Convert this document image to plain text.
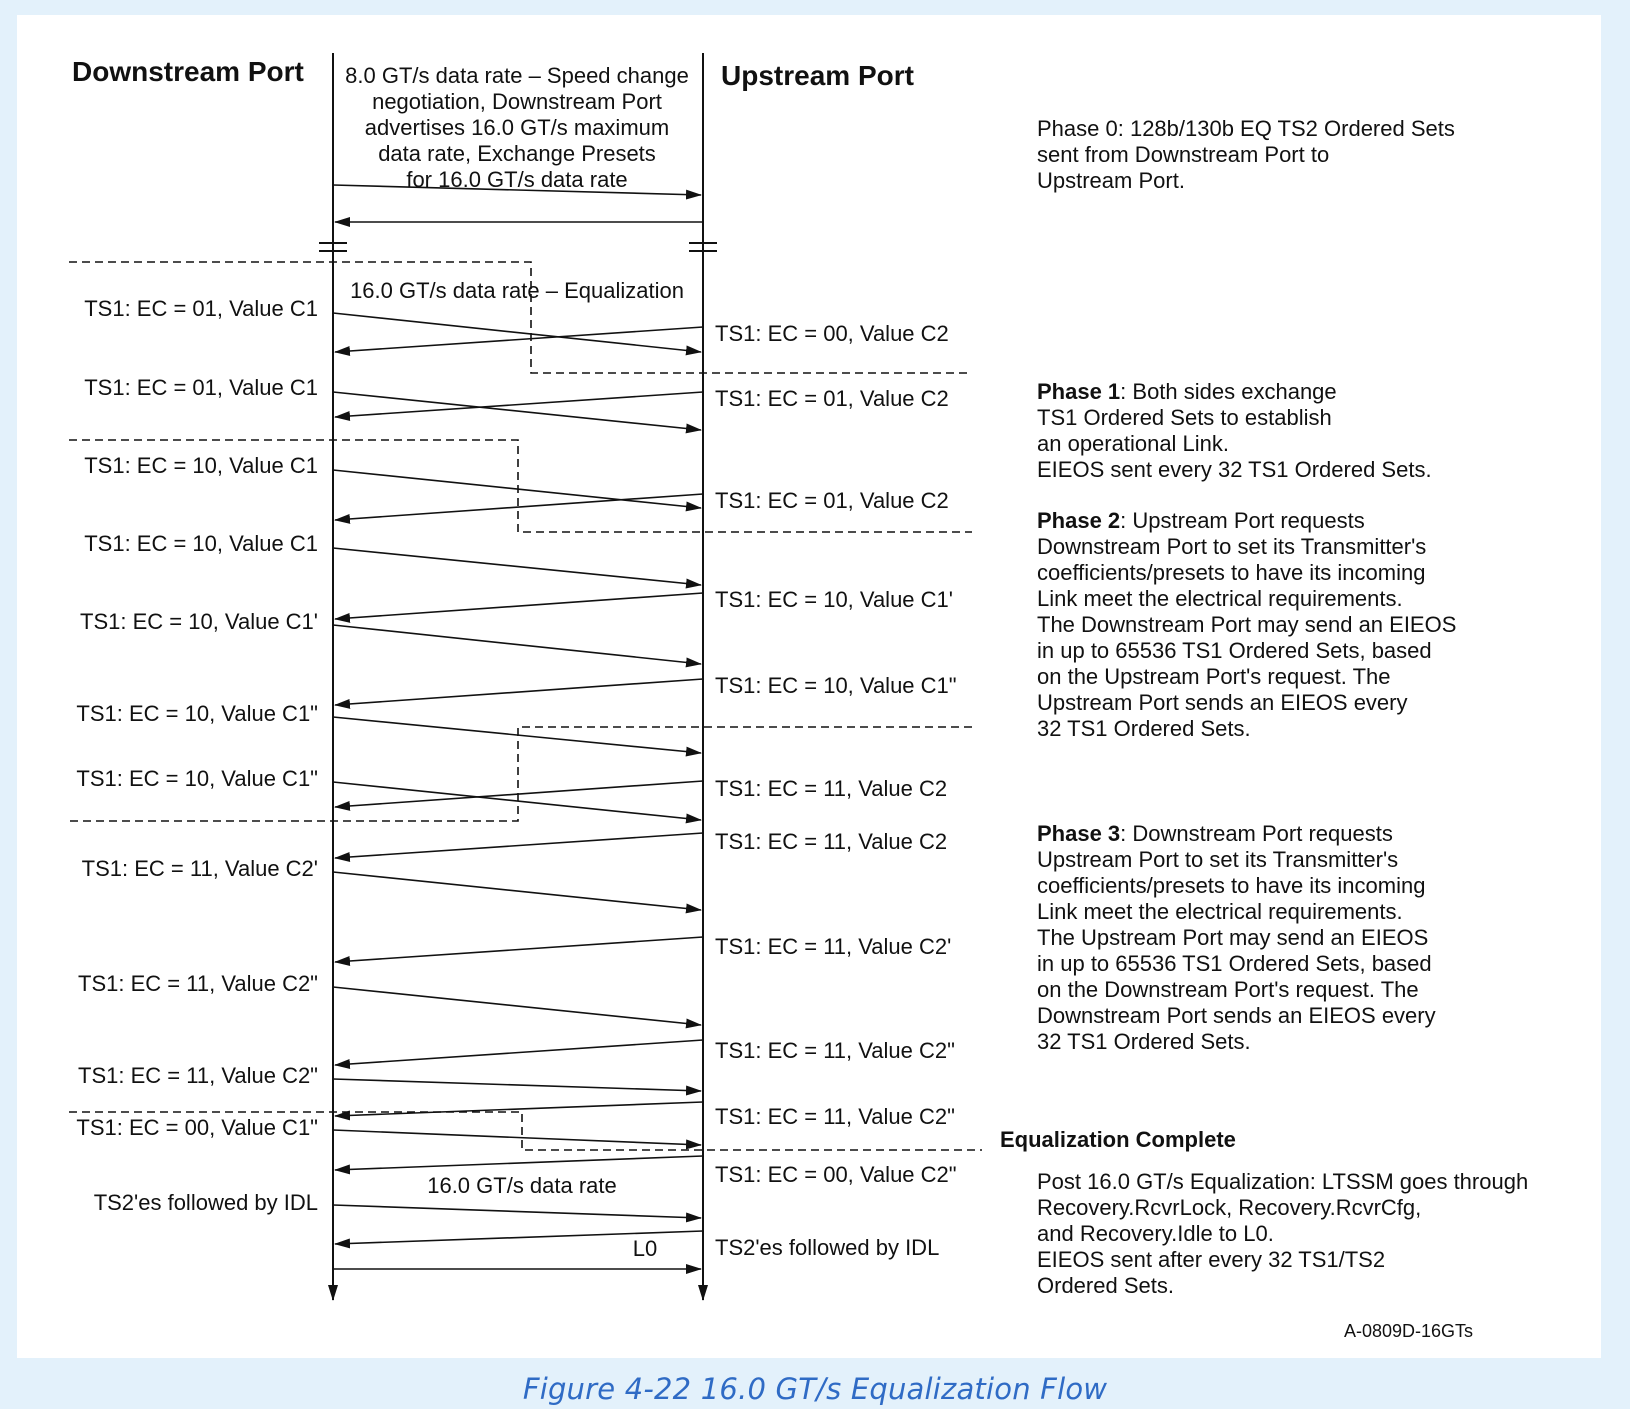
Downstream Port	Upstream Port
8.0 GT/s data rate – Speed change
negotiation, Downstream Port
advertises 16.0 GT/s maximum
data rate, Exchange Presets
for 16.0 GT/s data rate
16.0 GT/s data rate – Equalization
16.0 GT/s data rate
L0
TS1: EC = 01, Value C1
TS1: EC = 01, Value C1
TS1: EC = 10, Value C1
TS1: EC = 10, Value C1
TS1: EC = 10, Value C1'
TS1: EC = 10, Value C1"
TS1: EC = 10, Value C1"
TS1: EC = 11, Value C2'
TS1: EC = 11, Value C2"
TS1: EC = 11, Value C2"
TS1: EC = 00, Value C1"
TS2'es followed by IDL
TS1: EC = 00, Value C2
TS1: EC = 01, Value C2
TS1: EC = 01, Value C2
TS1: EC = 10, Value C1'
TS1: EC = 10, Value C1"
TS1: EC = 11, Value C2
TS1: EC = 11, Value C2
TS1: EC = 11, Value C2'
TS1: EC = 11, Value C2"
TS1: EC = 11, Value C2"
TS1: EC = 00, Value C2"
TS2'es followed by IDL
Phase 0: 128b/130b EQ TS2 Ordered Sets
sent from Downstream Port to
Upstream Port.
Phase 1: Both sides exchange
TS1 Ordered Sets to establish
an operational Link.
EIEOS sent every 32 TS1 Ordered Sets.
Phase 2: Upstream Port requests
Downstream Port to set its Transmitter's
coefficients/presets to have its incoming
Link meet the electrical requirements.
The Downstream Port may send an EIEOS
in up to 65536 TS1 Ordered Sets, based
on the Upstream Port's request. The
Upstream Port sends an EIEOS every
32 TS1 Ordered Sets.
Phase 3: Downstream Port requests
Upstream Port to set its Transmitter's
coefficients/presets to have its incoming
Link meet the electrical requirements.
The Upstream Port may send an EIEOS
in up to 65536 TS1 Ordered Sets, based
on the Downstream Port's request. The
Downstream Port sends an EIEOS every
32 TS1 Ordered Sets.
Equalization Complete
Post 16.0 GT/s Equalization: LTSSM goes through
Recovery.RcvrLock, Recovery.RcvrCfg,
and Recovery.Idle to L0.
EIEOS sent after every 32 TS1/TS2
Ordered Sets.
A-0809D-16GTs
Figure 4-22 16.0 GT/s Equalization Flow
